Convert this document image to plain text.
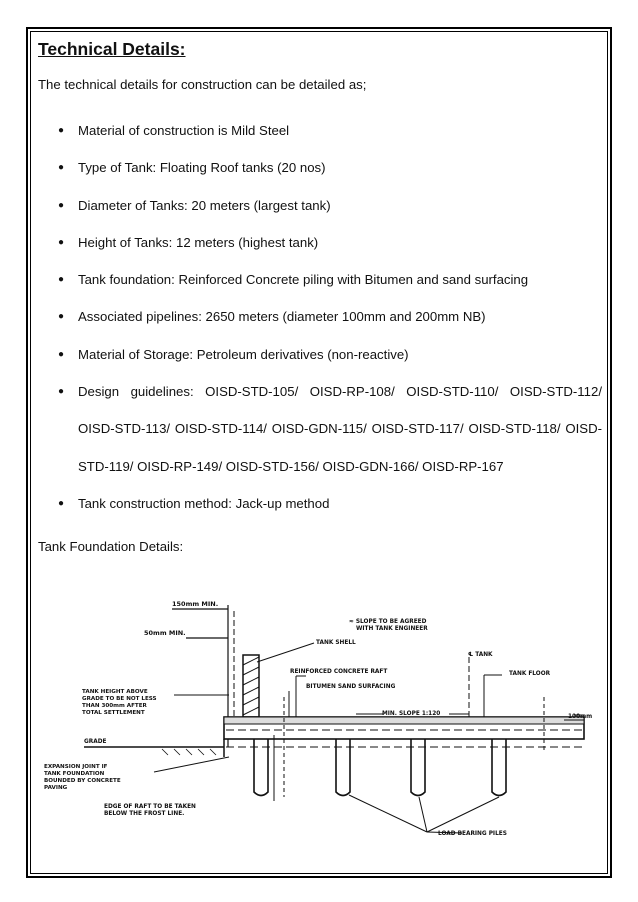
Technical Details:

The technical details for construction can be detailed as;

● Material of construction is Mild Steel
● Type of Tank: Floating Roof tanks (20 nos)
● Diameter of Tanks: 20 meters (largest tank)
● Height of Tanks: 12 meters (highest tank)
● Tank foundation: Reinforced Concrete piling with Bitumen and sand surfacing
● Associated pipelines: 2650 meters (diameter 100mm and 200mm NB)
● Material of Storage: Petroleum derivatives (non-reactive)
● Design guidelines: OISD-STD-105/ OISD-RP-108/ OISD-STD-110/ OISD-STD-112/ OISD-STD-113/ OISD-STD-114/ OISD-GDN-115/ OISD-STD-117/ OISD-STD-118/ OISD-STD-119/ OISD-RP-149/ OISD-STD-156/ OISD-GDN-166/ OISD-RP-167
● Tank construction method: Jack-up method

Tank Foundation Details:

150mm MIN.
50mm MIN.
≈ SLOPE TO BE AGREED
WITH TANK ENGINEER
TANK SHELL
℄ TANK
TANK FLOOR
REINFORCED CONCRETE RAFT
BITUMEN SAND SURFACING
MIN. SLOPE 1:120	100mm
TANK HEIGHT ABOVE
GRADE TO BE NOT LESS
THAN 300mm AFTER
TOTAL SETTLEMENT
GRADE
EXPANSION JOINT IF
TANK FOUNDATION
BOUNDED BY CONCRETE
PAVING
EDGE OF RAFT TO BE TAKEN
BELOW THE FROST LINE.
LOAD BEARING PILES
